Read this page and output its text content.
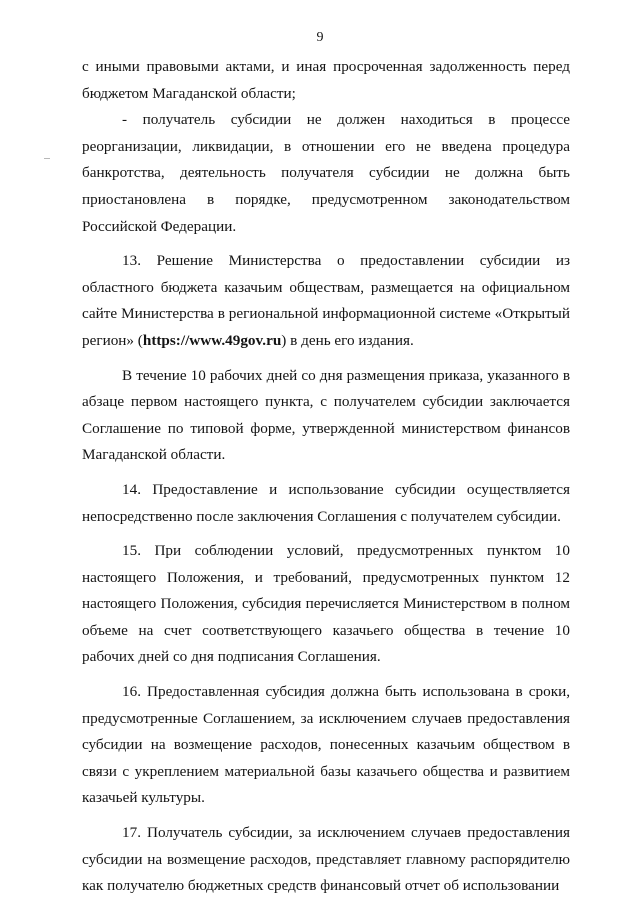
9

с иными правовыми актами, и иная просроченная задолженность перед бюджетом Магаданской области;

- получатель субсидии не должен находиться в процессе реорганизации, ликвидации, в отношении его не введена процедура банкротства, деятельность получателя субсидии не должна быть приостановлена в порядке, предусмотренном законодательством Российской Федерации.

13. Решение Министерства о предоставлении субсидии из областного бюджета казачьим обществам, размещается на официальном сайте Министерства в региональной информационной системе «Открытый регион» (https://www.49gov.ru) в день его издания.

В течение 10 рабочих дней со дня размещения приказа, указанного в абзаце первом настоящего пункта, с получателем субсидии заключается Соглашение по типовой форме, утвержденной министерством финансов Магаданской области.

14. Предоставление и использование субсидии осуществляется непосредственно после заключения Соглашения с получателем субсидии.

15. При соблюдении условий, предусмотренных пунктом 10 настоящего Положения, и требований, предусмотренных пунктом 12 настоящего Положения, субсидия перечисляется Министерством в полном объеме на счет соответствующего казачьего общества в течение 10 рабочих дней со дня подписания Соглашения.

16. Предоставленная субсидия должна быть использована в сроки, предусмотренные Соглашением, за исключением случаев предоставления субсидии на возмещение расходов, понесенных казачьим обществом в связи с укреплением материальной базы казачьего общества и развитием казачьей культуры.

17. Получатель субсидии, за исключением случаев предоставления субсидии на возмещение расходов, представляет главному распорядителю как получателю бюджетных средств финансовый отчет об использовании
